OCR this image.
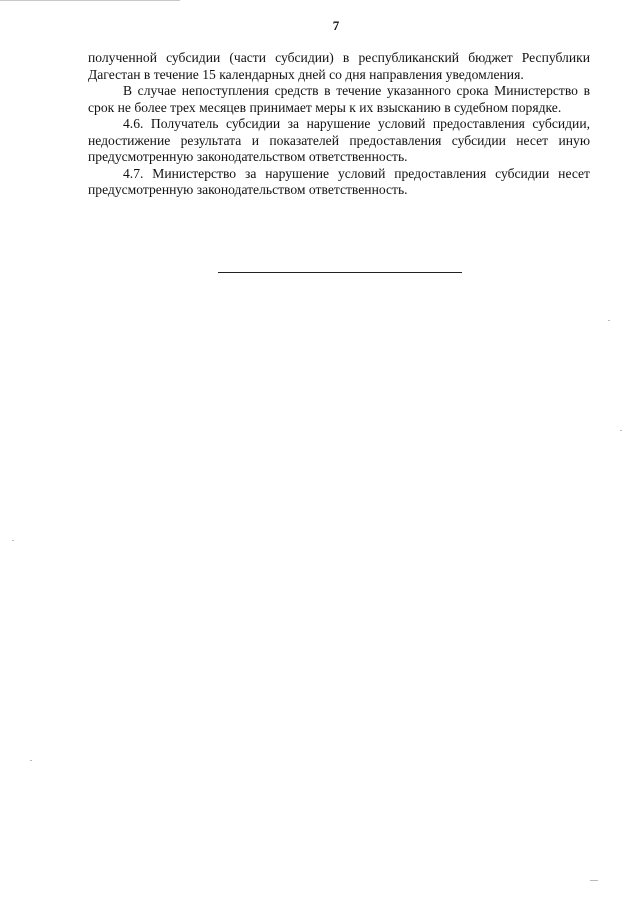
7

полученной субсидии (части субсидии) в республиканский бюджет Республики Дагестан в течение 15 календарных дней со дня направления уведомления.

В случае непоступления средств в течение указанного срока Министерство в срок не более трех месяцев принимает меры к их взысканию в судебном порядке.

4.6. Получатель субсидии за нарушение условий предоставления субсидии, недостижение результата и показателей предоставления субсидии несет иную предусмотренную законодательством ответственность.

4.7. Министерство за нарушение условий предоставления субсидии несет предусмотренную законодательством ответственность.
